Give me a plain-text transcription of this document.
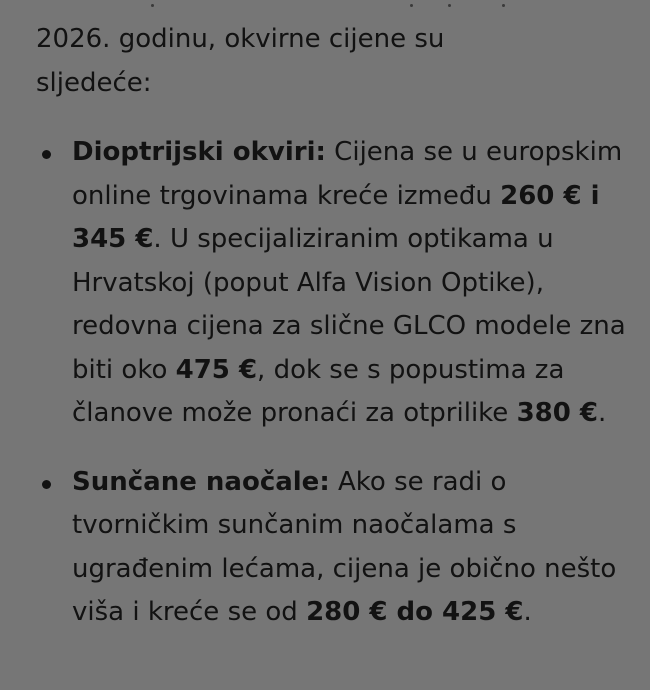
2026. godinu, okvirne cijene su
sljedeće:

Dioptrijski okviri: Cijena se u europskim online trgovinama kreće između 260 € i 345 €. U specijaliziranim optikama u Hrvatskoj (poput Alfa Vision Optike), redovna cijena za slične GLCO modele zna biti oko 475 €, dok se s popustima za članove može pronaći za otprilike 380 €.
Sunčane naočale: Ako se radi o tvorničkim sunčanim naočalama s ugrađenim lećama, cijena je obično nešto viša i kreće se od 280 € do 425 €.
